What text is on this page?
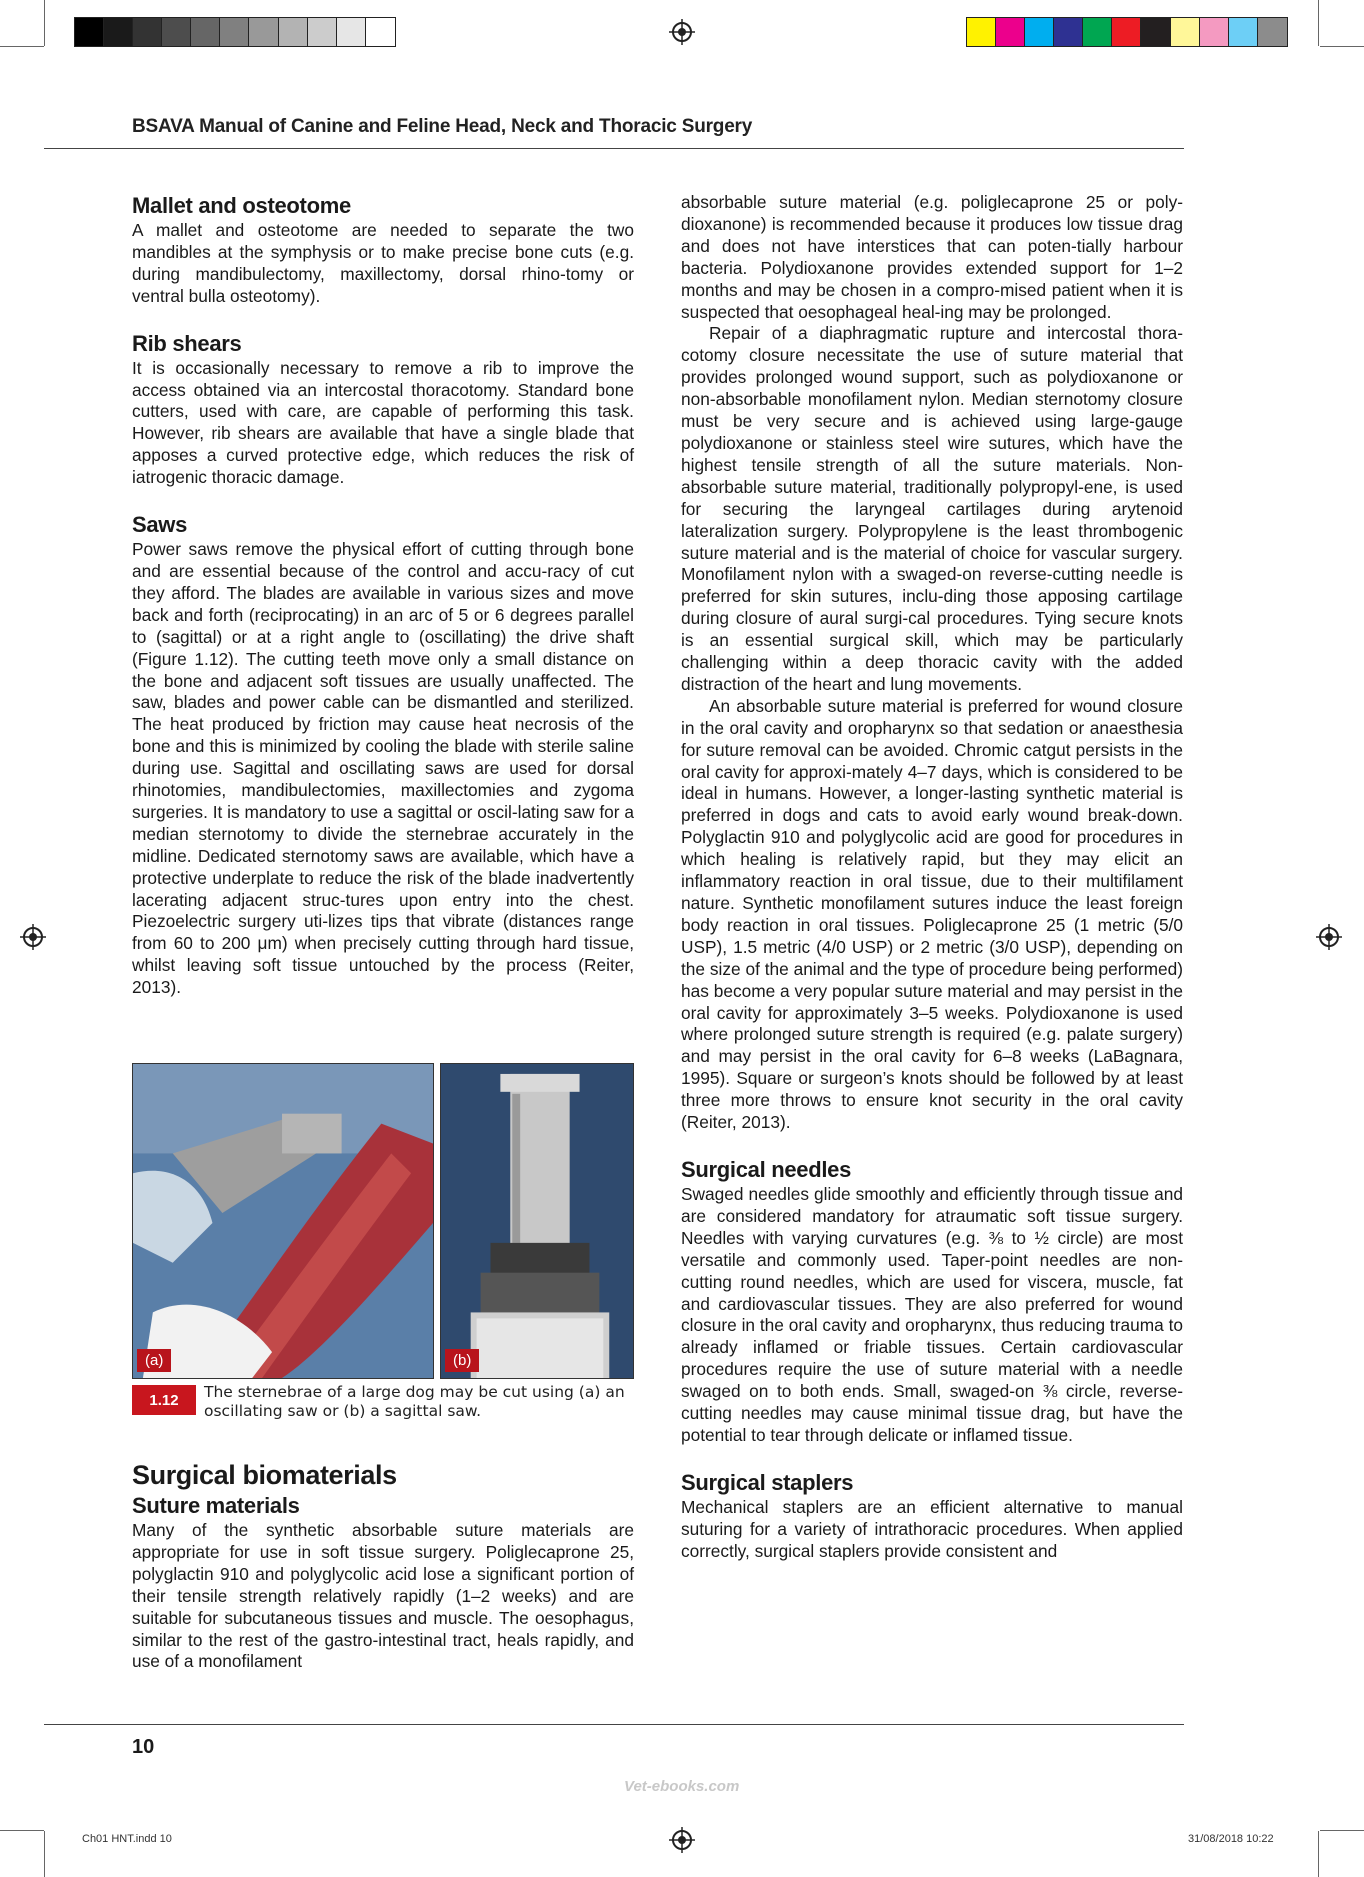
BSAVA Manual of Canine and Feline Head, Neck and Thoracic Surgery
Mallet and osteotome

A mallet and osteotome are needed to separate the two mandibles at the symphysis or to make precise bone cuts (e.g. during mandibulectomy, maxillectomy, dorsal rhino-tomy or ventral bulla osteotomy).

Rib shears

It is occasionally necessary to remove a rib to improve the access obtained via an intercostal thoracotomy. Standard bone cutters, used with care, are capable of performing this task. However, rib shears are available that have a single blade that apposes a curved protective edge, which reduces the risk of iatrogenic thoracic damage.

Saws

Power saws remove the physical effort of cutting through bone and are essential because of the control and accu-racy of cut they afford. The blades are available in various sizes and move back and forth (reciprocating) in an arc of 5 or 6 degrees parallel to (sagittal) or at a right angle to (oscillating) the drive shaft (Figure 1.12). The cutting teeth move only a small distance on the bone and adjacent soft tissues are usually unaffected. The saw, blades and power cable can be dismantled and sterilized. The heat produced by friction may cause heat necrosis of the bone and this is minimized by cooling the blade with sterile saline during use. Sagittal and oscillating saws are used for dorsal rhinotomies, mandibulectomies, maxillectomies and zygoma surgeries. It is mandatory to use a sagittal or oscil-lating saw for a median sternotomy to divide the sternebrae accurately in the midline. Dedicated sternotomy saws are available, which have a protective underplate to reduce the risk of the blade inadvertently lacerating adjacent struc-tures upon entry into the chest. Piezoelectric surgery uti-lizes tips that vibrate (distances range from 60 to 200 μm) when precisely cutting through hard tissue, whilst leaving soft tissue untouched by the process (Reiter, 2013).

(a)	(b)
1.12	The sternebrae of a large dog may be cut using (a) an oscillating saw or (b) a sagittal saw.
Surgical biomaterials
Suture materials

Many of the synthetic absorbable suture materials are appropriate for use in soft tissue surgery. Poliglecaprone 25, polyglactin 910 and polyglycolic acid lose a significant portion of their tensile strength relatively rapidly (1–2 weeks) and are suitable for subcutaneous tissues and muscle. The oesophagus, similar to the rest of the gastro-intestinal tract, heals rapidly, and use of a monofilament

absorbable suture material (e.g. poliglecaprone 25 or poly-dioxanone) is recommended because it produces low tissue drag and does not have interstices that can poten-tially harbour bacteria. Polydioxanone provides extended support for 1–2 months and may be chosen in a compro-mised patient when it is suspected that oesophageal heal-ing may be prolonged.

Repair of a diaphragmatic rupture and intercostal thora-cotomy closure necessitate the use of suture material that provides prolonged wound support, such as polydioxanone or non-absorbable monofilament nylon. Median sternotomy closure must be very secure and is achieved using large-gauge polydioxanone or stainless steel wire sutures, which have the highest tensile strength of all the suture materials. Non-absorbable suture material, traditionally polypropyl-ene, is used for securing the laryngeal cartilages during arytenoid lateralization surgery. Polypropylene is the least thrombogenic suture material and is the material of choice for vascular surgery. Monofilament nylon with a swaged-on reverse-cutting needle is preferred for skin sutures, inclu-ding those apposing cartilage during closure of aural surgi-cal procedures. Tying secure knots is an essential surgical skill, which may be particularly challenging within a deep thoracic cavity with the added distraction of the heart and lung movements.

An absorbable suture material is preferred for wound closure in the oral cavity and oropharynx so that sedation or anaesthesia for suture removal can be avoided. Chromic catgut persists in the oral cavity for approxi-mately 4–7 days, which is considered to be ideal in humans. However, a longer-lasting synthetic material is preferred in dogs and cats to avoid early wound break-down. Polyglactin 910 and polyglycolic acid are good for procedures in which healing is relatively rapid, but they may elicit an inflammatory reaction in oral tissue, due to their multifilament nature. Synthetic monofilament sutures induce the least foreign body reaction in oral tissues. Poliglecaprone 25 (1 metric (5/0 USP), 1.5 metric (4/0 USP) or 2 metric (3/0 USP), depending on the size of the animal and the type of procedure being performed) has become a very popular suture material and may persist in the oral cavity for approximately 3–5 weeks. Polydioxanone is used where prolonged suture strength is required (e.g. palate surgery) and may persist in the oral cavity for 6–8 weeks (LaBagnara, 1995). Square or surgeon’s knots should be followed by at least three more throws to ensure knot security in the oral cavity (Reiter, 2013).

Surgical needles

Swaged needles glide smoothly and efficiently through tissue and are considered mandatory for atraumatic soft tissue surgery. Needles with varying curvatures (e.g. ⅜ to ½ circle) are most versatile and commonly used. Taper-point needles are non-cutting round needles, which are used for viscera, muscle, fat and cardiovascular tissues. They are also preferred for wound closure in the oral cavity and oropharynx, thus reducing trauma to already inflamed or friable tissues. Certain cardiovascular procedures require the use of suture material with a needle swaged on to both ends. Small, swaged-on ⅜ circle, reverse-cutting needles may cause minimal tissue drag, but have the potential to tear through delicate or inflamed tissue.

Surgical staplers

Mechanical staplers are an efficient alternative to manual suturing for a variety of intrathoracic procedures. When applied correctly, surgical staplers provide consistent and

10
Vet-ebooks.com
Ch01 HNT.indd 10	31/08/2018 10:22
